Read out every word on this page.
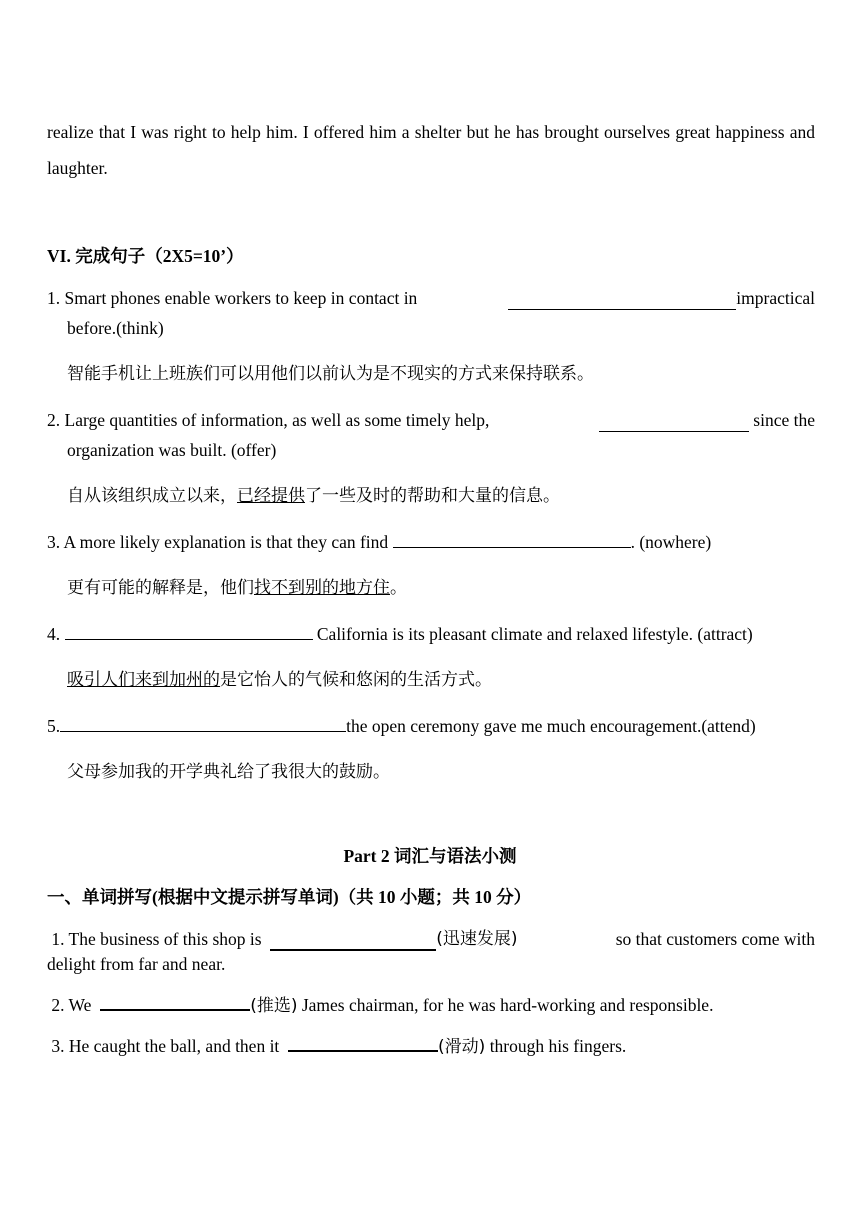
realize that I was right to help him. I offered him a shelter but he has brought ourselves great happiness and laughter.

VI. 完成句子（2X5=10’）

1. Smart phones enable workers to keep in contact in	impractical

before.(think)

智能手机让上班族们可以用他们以前认为是不现实的方式来保持联系。

2. Large quantities of information, as well as some timely help,	since the

organization was built. (offer)

自从该组织成立以来，已经提供了一些及时的帮助和大量的信息。

3. A more likely explanation is that they can find	. (nowhere)

更有可能的解释是，他们找不到别的地方住。

4.	California is its pleasant climate and relaxed lifestyle. (attract)

吸引人们来到加州的是它怡人的气候和悠闲的生活方式。

5.	the open ceremony gave me much encouragement.(attend)

父母参加我的开学典礼给了我很大的鼓励。

Part 2 词汇与语法小测

一、单词拼写(根据中文提示拼写单词)（共 10 小题；共 10 分）

1. The business of this shop is	(迅速发展)	so that customers come with

delight from far and near.

2. We	(推选) James chairman, for he was hard-working and responsible.

3. He caught the ball, and then it	(滑动) through his fingers.
